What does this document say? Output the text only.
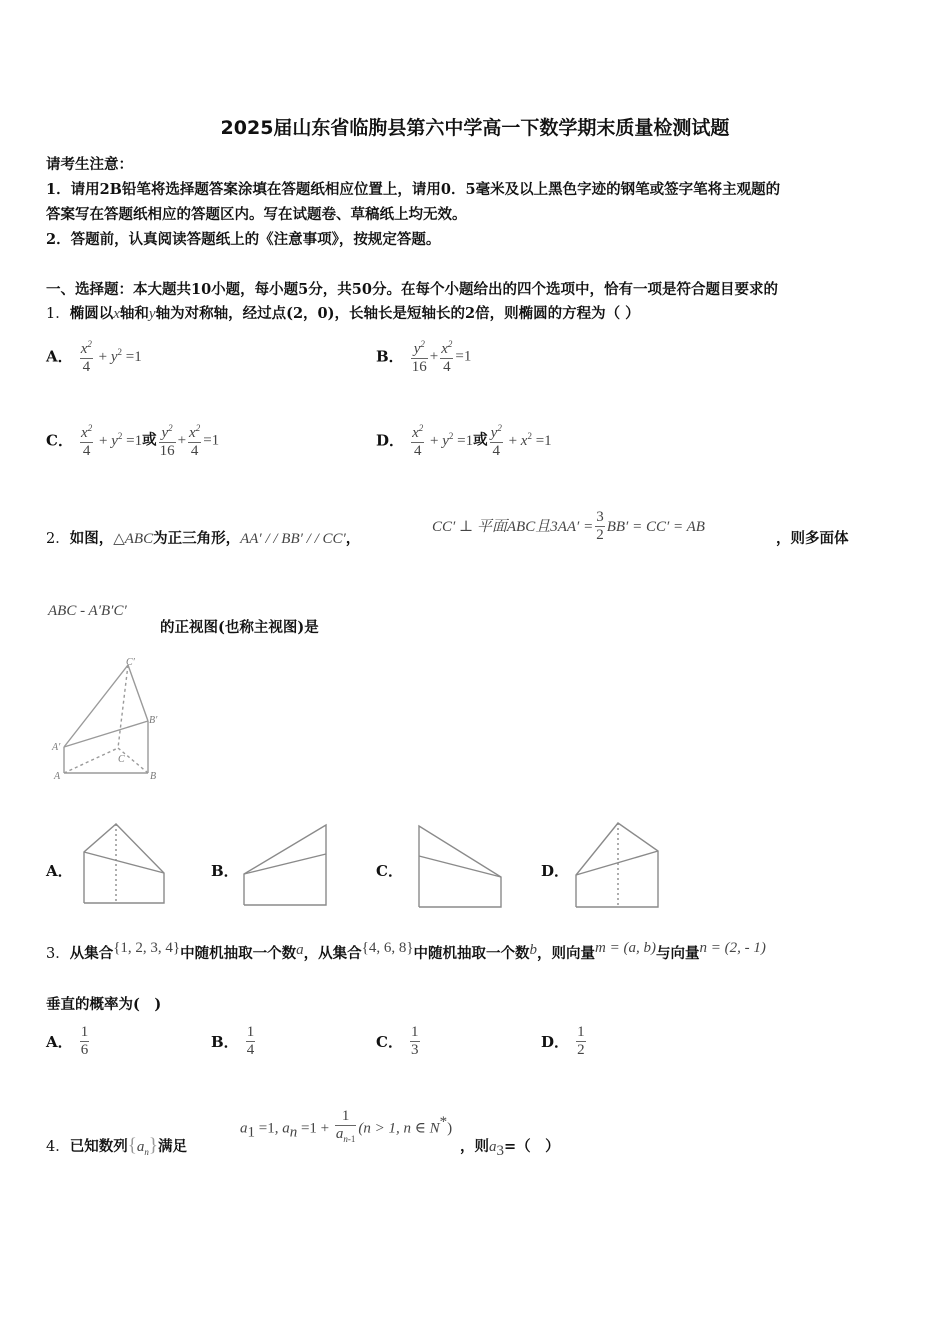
2025届山东省临朐县第六中学高一下数学期末质量检测试题
请考生注意：
1．请用2B铅笔将选择题答案涂填在答题纸相应位置上，请用0．5毫米及以上黑色字迹的钢笔或签字笔将主观题的
答案写在答题纸相应的答题区内。写在试题卷、草稿纸上均无效。
2．答题前，认真阅读答题纸上的《注意事项》，按规定答题。
一、选择题：本大题共10小题，每小题5分，共50分。在每个小题给出的四个选项中，恰有一项是符合题目要求的
1．椭圆以x轴和y轴为对称轴，经过点(2，0)，长轴长是短轴长的2倍，则椭圆的方程为（ ）
A． $\frac{x^2}{4} + y^2 =1$	B． $\frac{y^2}{16} + \frac{x^2}{4} =1$
C． $\frac{x^2}{4} + y^2 =1$或 $\frac{y^2}{16} + \frac{x^2}{4} =1$	D． $\frac{x^2}{4} + y^2 =1$或 $\frac{y^2}{4} + x^2 =1$
2．如图，△ABC为正三角形，AA′ / / BB′ / / CC′，
CC′ ⊥ 平面ABC且$3AA' = \frac{3}{2} BB' = CC'$ = AB
，则多面体
ABC - A′B′C′
的正视图(也称主视图)是
C′
B′
A′
C
A	B
A．	B．	C．	D．
3．从集合{1, 2, 3, 4}中随机抽取一个数a，从集合{4, 6, 8}中随机抽取一个数b，则向量m = (a, b)与向量n = (2, - 1)
垂直的概率为(　)
A． $\frac{1}{6}$	B． $\frac{1}{4}$	C． $\frac{1}{3}$	D． $\frac{1}{2}$
4．已知数列$\{a_n\}$满足
$a_1 =1$, $a_n =1 + \frac{1}{a_{n-1}} (n > 1$, n ∈ N*)
，则$a_3=$（　）
